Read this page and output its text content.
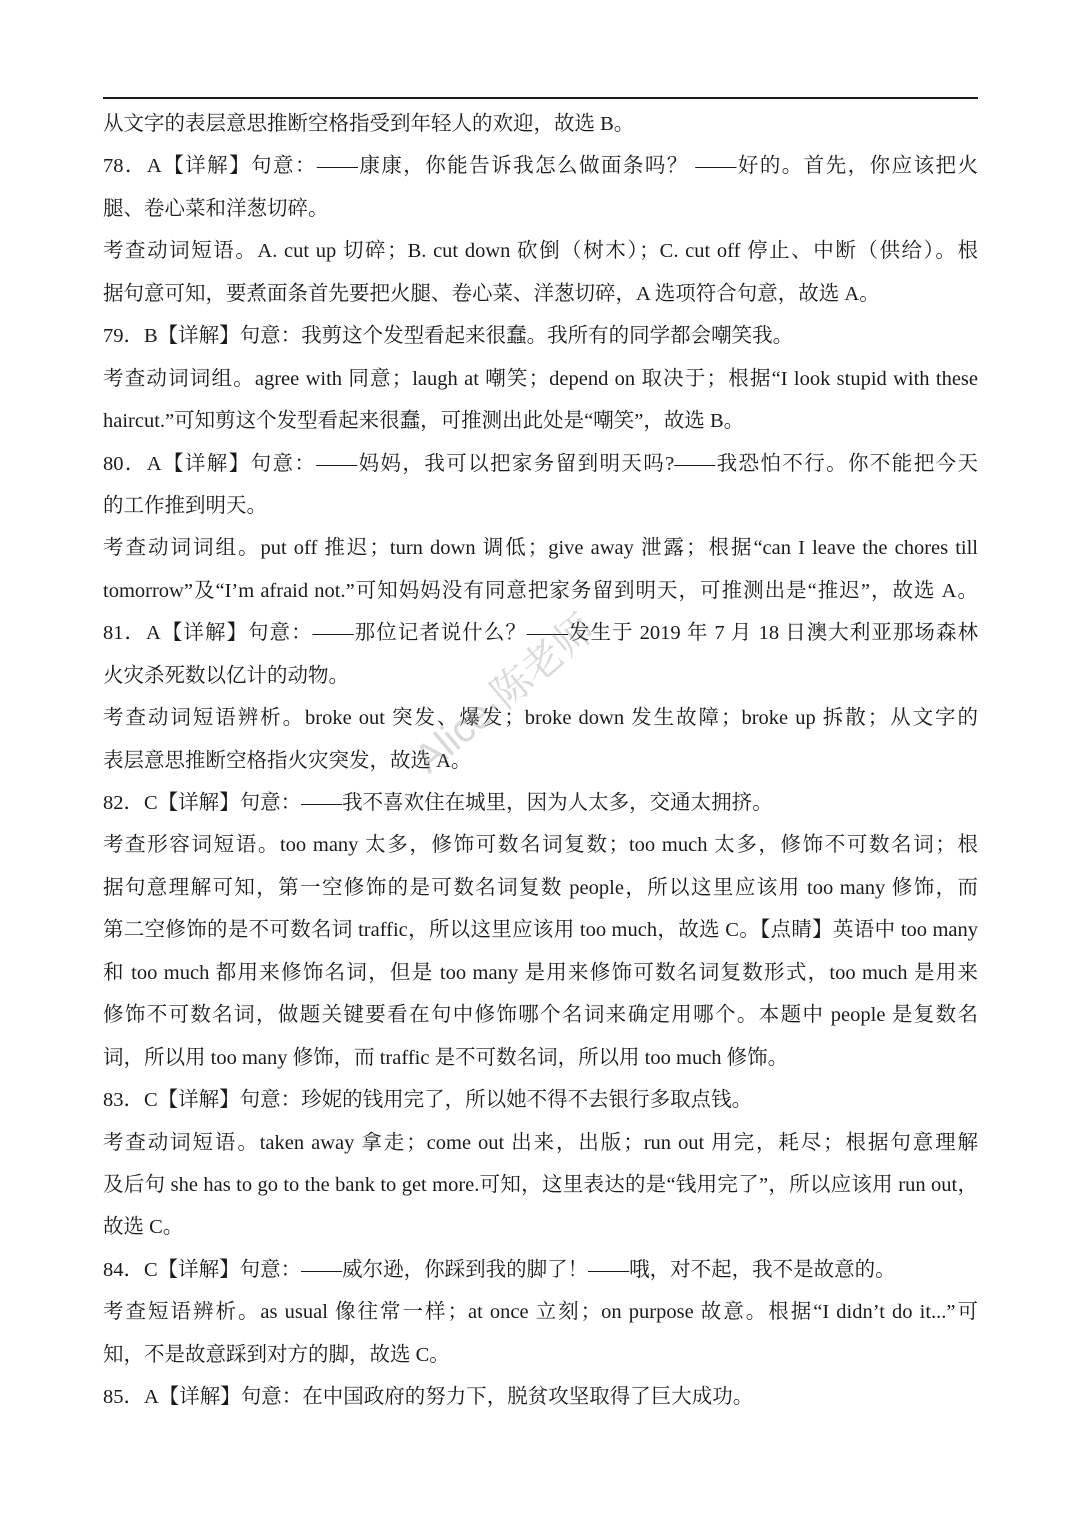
从文字的表层意思推断空格指受到年轻人的欢迎，故选 B。
78．A【详解】句意：——康康，你能告诉我怎么做面条吗？ ——好的。首先，你应该把火
腿、卷心菜和洋葱切碎。
考查动词短语。A. cut up 切碎；B. cut down 砍倒（树木）；C. cut off 停止、中断（供给）。根
据句意可知，要煮面条首先要把火腿、卷心菜、洋葱切碎，A 选项符合句意，故选 A。
79．B【详解】句意：我剪这个发型看起来很蠢。我所有的同学都会嘲笑我。
考查动词词组。agree with 同意；laugh at 嘲笑；depend on 取决于；根据“I look stupid with these
haircut.”可知剪这个发型看起来很蠢，可推测出此处是“嘲笑”，故选 B。
80．A【详解】句意：——妈妈，我可以把家务留到明天吗?——我恐怕不行。你不能把今天
的工作推到明天。
考查动词词组。put off 推迟；turn down 调低；give away 泄露；根据“can I leave the chores till
tomorrow”及“I’m afraid not.”可知妈妈没有同意把家务留到明天，可推测出是“推迟”，故选 A。
81．A【详解】句意：——那位记者说什么？——发生于 2019 年 7 月 18 日澳大利亚那场森林
火灾杀死数以亿计的动物。
考查动词短语辨析。broke out 突发、爆发；broke down 发生故障；broke up 拆散；从文字的
表层意思推断空格指火灾突发，故选 A。
82．C【详解】句意：——我不喜欢住在城里，因为人太多，交通太拥挤。
考查形容词短语。too many 太多，修饰可数名词复数；too much 太多，修饰不可数名词；根
据句意理解可知，第一空修饰的是可数名词复数 people，所以这里应该用 too many 修饰，而
第二空修饰的是不可数名词 traffic，所以这里应该用 too much，故选 C。【点睛】英语中 too many
和 too much 都用来修饰名词，但是 too many 是用来修饰可数名词复数形式，too much 是用来
修饰不可数名词，做题关键要看在句中修饰哪个名词来确定用哪个。本题中 people 是复数名
词，所以用 too many 修饰，而 traffic 是不可数名词，所以用 too much 修饰。
83．C【详解】句意：珍妮的钱用完了，所以她不得不去银行多取点钱。
考查动词短语。taken away 拿走；come out 出来，出版；run out 用完，耗尽；根据句意理解
及后句 she has to go to the bank to get more.可知，这里表达的是“钱用完了”，所以应该用 run out，
故选 C。
84．C【详解】句意：——威尔逊，你踩到我的脚了！——哦，对不起，我不是故意的。
考查短语辨析。as usual 像往常一样；at once 立刻；on purpose 故意。根据“I didn’t do it...”可
知，不是故意踩到对方的脚，故选 C。
85．A【详解】句意：在中国政府的努力下，脱贫攻坚取得了巨大成功。
Alice·陈老师
